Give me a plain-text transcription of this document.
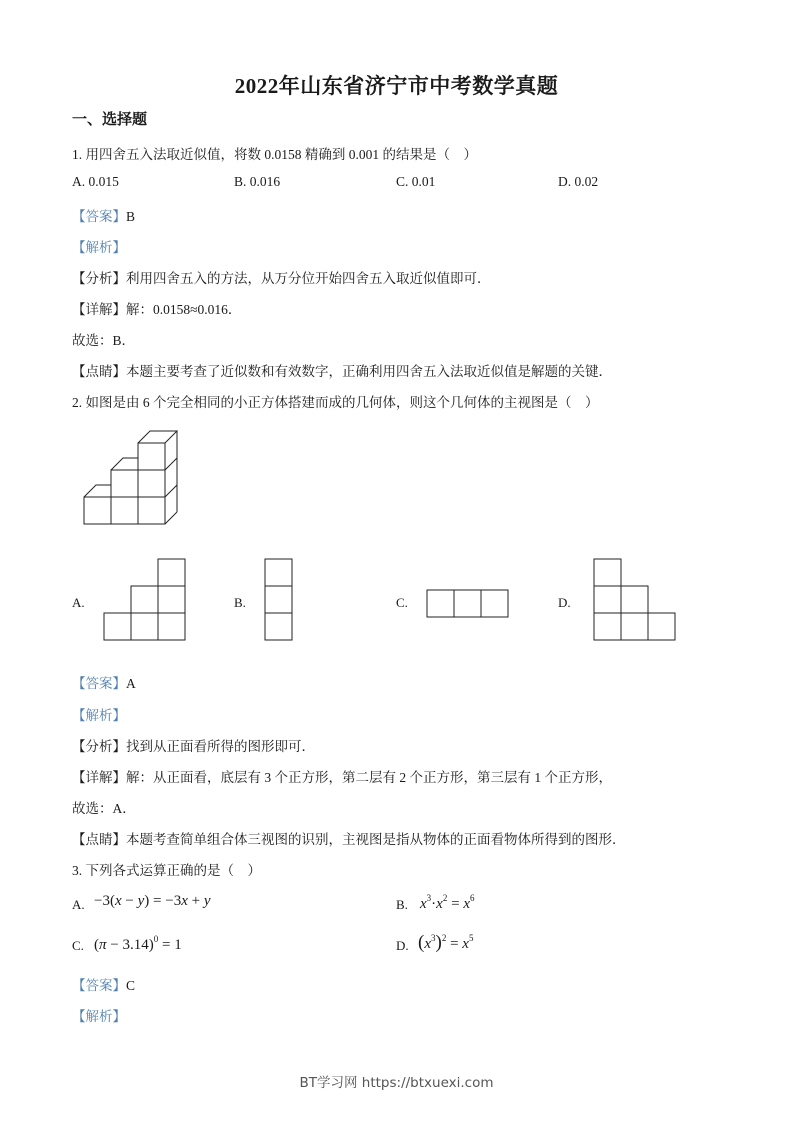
2022年山东省济宁市中考数学真题
一、选择题
1. 用四舍五入法取近似值，将数 0.0158 精确到 0.001 的结果是（　）
A. 0.015	B. 0.016	C. 0.01	D. 0.02
【答案】B
【解析】
【分析】利用四舍五入的方法，从万分位开始四舍五入取近似值即可．
【详解】解：0.0158≈0.016．
故选：B．
【点睛】本题主要考查了近似数和有效数字，正确利用四舍五入法取近似值是解题的关键．
2. 如图是由 6 个完全相同的小正方体搭建而成的几何体，则这个几何体的主视图是（　）
A.	B.	C.	D.
【答案】A
【解析】
【分析】找到从正面看所得的图形即可．
【详解】解：从正面看，底层有 3 个正方形，第二层有 2 个正方形，第三层有 1 个正方形，
故选：A．
【点睛】本题考查简单组合体三视图的识别，主视图是指从物体的正面看物体所得到的图形．
3. 下列各式运算正确的是（　）
A. −3(x − y) = −3x + y	B. $x^3\cdot x^2 = x^6$
C. $(\pi - 3.14)^0 = 1$	D. $(x^3)^2 = x^5$
【答案】C
【解析】
BT学习网 https://btxuexi.com
